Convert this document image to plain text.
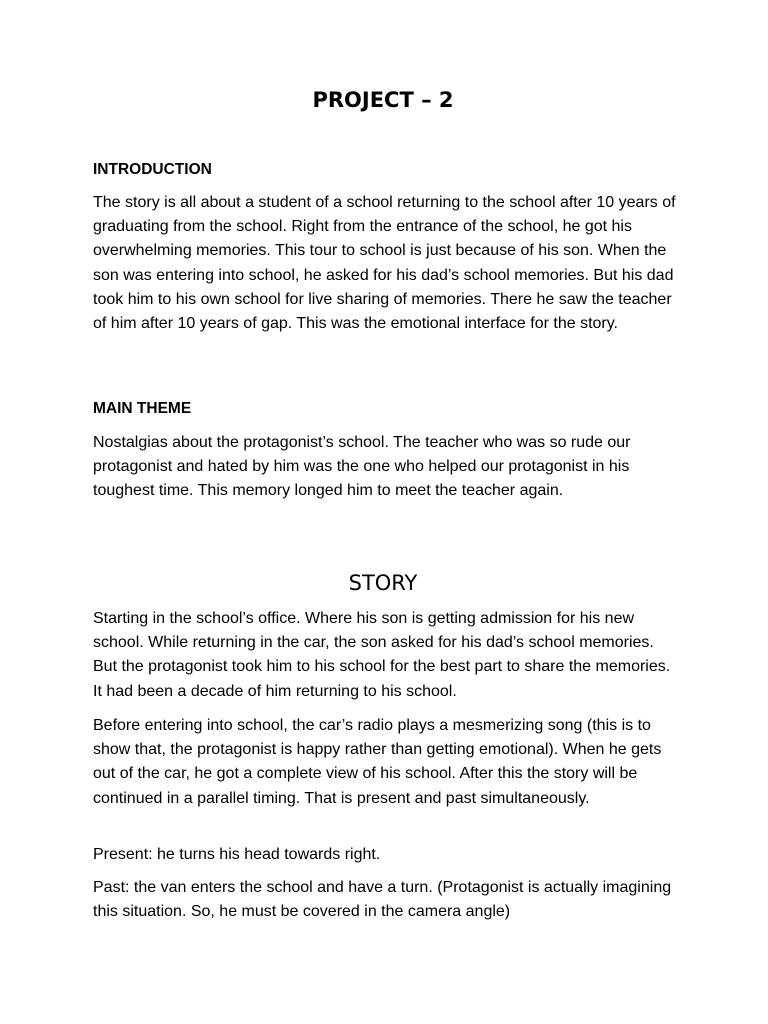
PROJECT – 2
INTRODUCTION

The story is all about a student of a school returning to the school after 10 years of graduating from the school. Right from the entrance of the school, he got his overwhelming memories. This tour to school is just because of his son. When the son was entering into school, he asked for his dad’s school memories. But his dad took him to his own school for live sharing of memories. There he saw the teacher of him after 10 years of gap. This was the emotional interface for the story.

MAIN THEME

Nostalgias about the protagonist’s school. The teacher who was so rude our protagonist and hated by him was the one who helped our protagonist in his toughest time. This memory longed him to meet the teacher again.

STORY

Starting in the school’s office. Where his son is getting admission for his new school. While returning in the car, the son asked for his dad’s school memories. But the protagonist took him to his school for the best part to share the memories. It had been a decade of him returning to his school.

Before entering into school, the car’s radio plays a mesmerizing song (this is to show that, the protagonist is happy rather than getting emotional). When he gets out of the car, he got a complete view of his school. After this the story will be continued in a parallel timing. That is present and past simultaneously.

Present: he turns his head towards right.

Past: the van enters the school and have a turn. (Protagonist is actually imagining this situation. So, he must be covered in the camera angle)
